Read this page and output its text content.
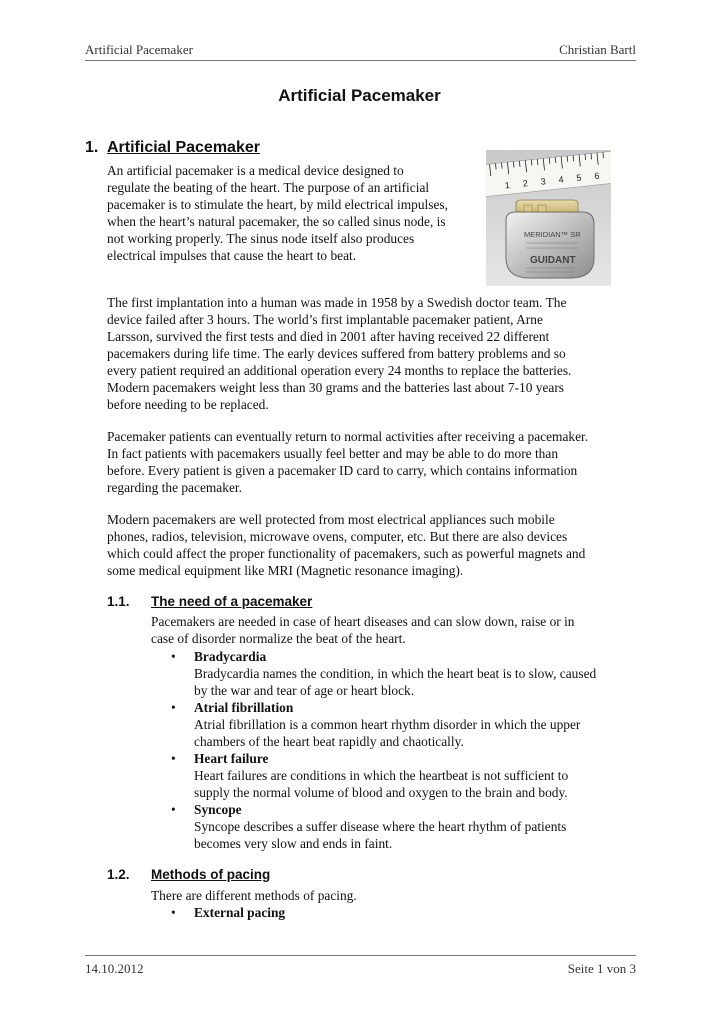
Artificial Pacemaker	Christian Bartl
Artificial Pacemaker
1. Artificial Pacemaker
An artificial pacemaker is a medical device designed to
regulate the beating of the heart. The purpose of an artificial
pacemaker is to stimulate the heart, by mild electrical impulses,
when the heart’s natural pacemaker, the so called sinus node, is
not working properly. The sinus node itself also produces
electrical impulses that cause the heart to beat.
1 2 3 4 5 6
MERIDIAN™ SR
GUIDANT
The first implantation into a human was made in 1958 by a Swedish doctor team. The
device failed after 3 hours. The world’s first implantable pacemaker patient, Arne
Larsson, survived the first tests and died in 2001 after having received 22 different
pacemakers during life time. The early devices suffered from battery problems and so
every patient required an additional operation every 24 months to replace the batteries.
Modern pacemakers weight less than 30 grams and the batteries last about 7-10 years
before needing to be replaced.
Pacemaker patients can eventually return to normal activities after receiving a pacemaker.
In fact patients with pacemakers usually feel better and may be able to do more than
before. Every patient is given a pacemaker ID card to carry, which contains information
regarding the pacemaker.
Modern pacemakers are well protected from most electrical appliances such mobile
phones, radios, television, microwave ovens, computer, etc. But there are also devices
which could affect the proper functionality of pacemakers, such as powerful magnets and
some medical equipment like MRI (Magnetic resonance imaging).
1.1. The need of a pacemaker
Pacemakers are needed in case of heart diseases and can slow down, raise or in
case of disorder normalize the beat of the heart.
• Bradycardia
Bradycardia names the condition, in which the heart beat is to slow, caused
by the war and tear of age or heart block.
• Atrial fibrillation
Atrial fibrillation is a common heart rhythm disorder in which the upper
chambers of the heart beat rapidly and chaotically.
• Heart failure
Heart failures are conditions in which the heartbeat is not sufficient to
supply the normal volume of blood and oxygen to the brain and body.
• Syncope
Syncope describes a suffer disease where the heart rhythm of patients
becomes very slow and ends in faint.
1.2. Methods of pacing
There are different methods of pacing.
• External pacing
14.10.2012	Seite 1 von 3
